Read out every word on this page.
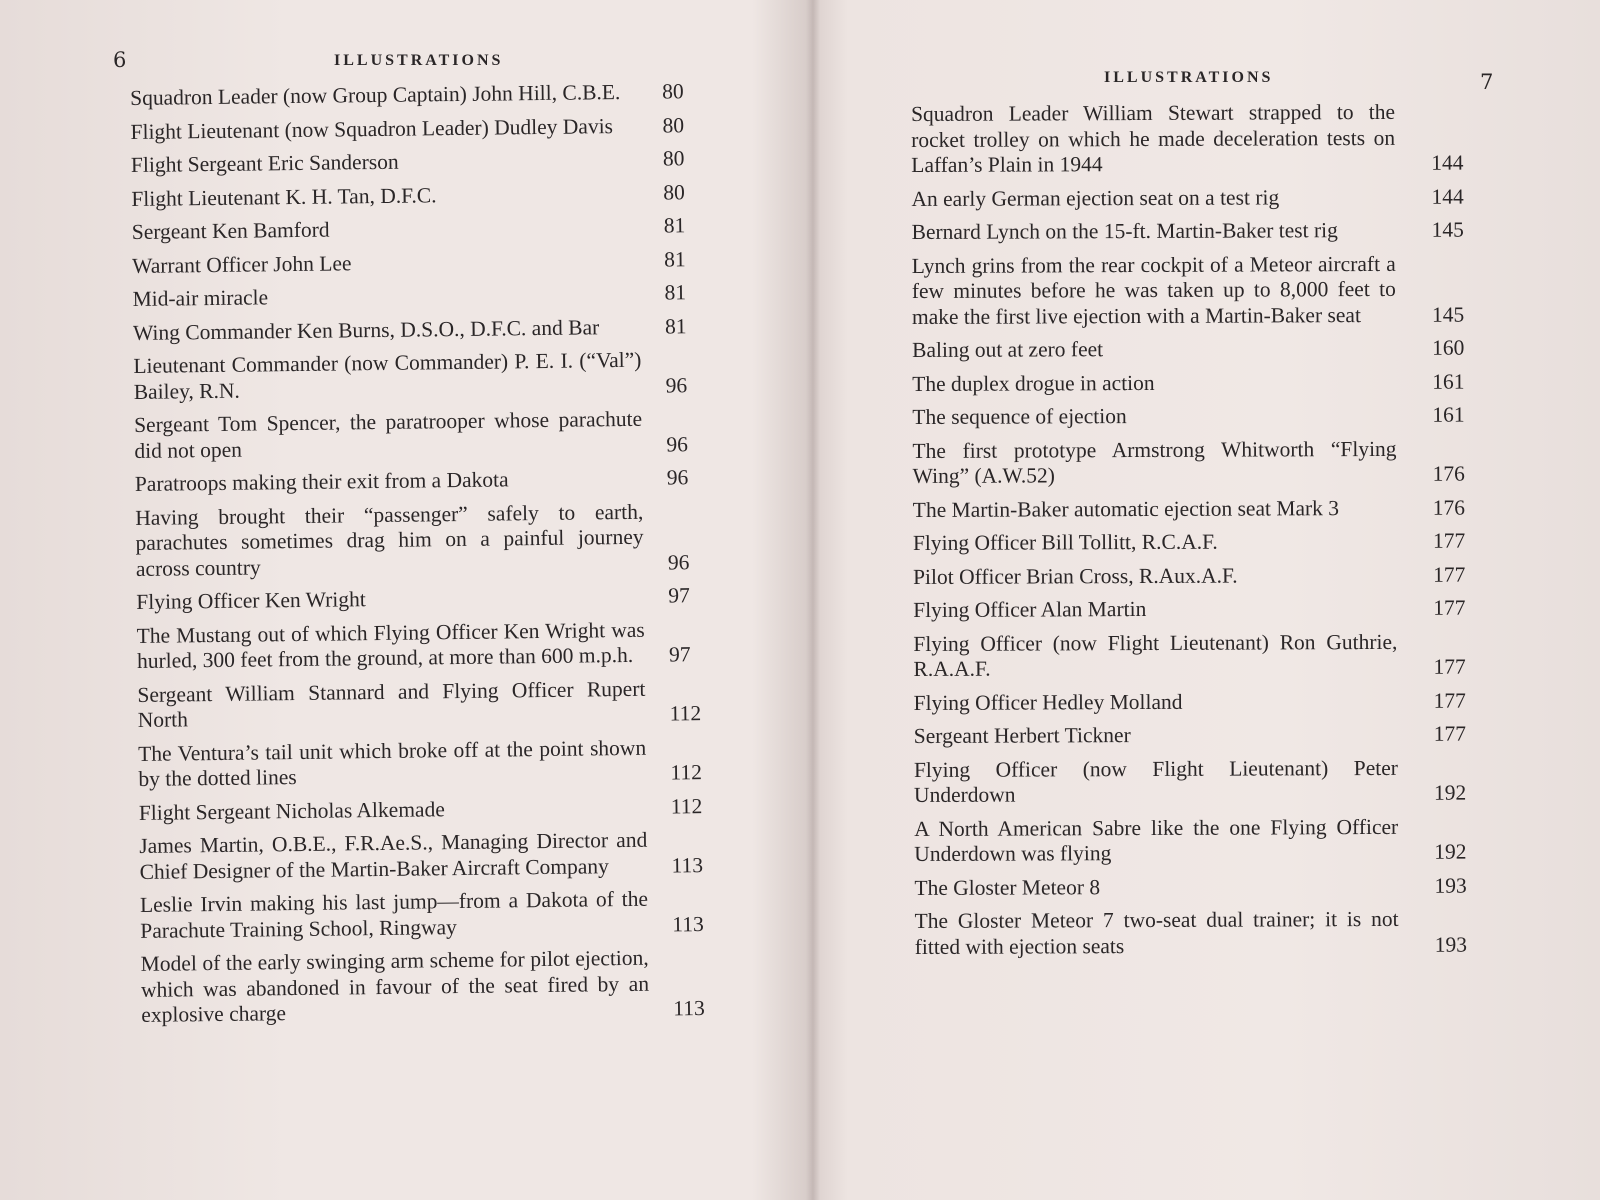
6	ILLUSTRATIONS
Squadron Leader (now Group Captain) John Hill, C.B.E.	80
Flight Lieutenant (now Squadron Leader) Dudley Davis	80
Flight Sergeant Eric Sanderson	80
Flight Lieutenant K. H. Tan, D.F.C.	80
Sergeant Ken Bamford	81
Warrant Officer John Lee	81
Mid-air miracle	81
Wing Commander Ken Burns, D.S.O., D.F.C. and Bar	81
Lieutenant Commander (now Commander) P. E. I. (“Val”) Bailey, R.N.	96
Sergeant Tom Spencer, the paratrooper whose parachute did not open	96
Paratroops making their exit from a Dakota	96
Having brought their “passenger” safely to earth, parachutes sometimes drag him on a painful journey across country	96
Flying Officer Ken Wright	97
The Mustang out of which Flying Officer Ken Wright was hurled, 300 feet from the ground, at more than 600 m.p.h.	97
Sergeant William Stannard and Flying Officer Rupert North	112
The Ventura’s tail unit which broke off at the point shown by the dotted lines	112
Flight Sergeant Nicholas Alkemade	112
James Martin, O.B.E., F.R.Ae.S., Managing Director and Chief Designer of the Martin-Baker Aircraft Company	113
Leslie Irvin making his last jump—from a Dakota of the Parachute Training School, Ringway	113
Model of the early swinging arm scheme for pilot ejection, which was abandoned in favour of the seat fired by an explosive charge	113
7
ILLUSTRATIONS
Squadron Leader William Stewart strapped to the rocket trolley on which he made deceleration tests on Laffan’s Plain in 1944	144
An early German ejection seat on a test rig	144
Bernard Lynch on the 15-ft. Martin-Baker test rig	145
Lynch grins from the rear cockpit of a Meteor aircraft a few minutes before he was taken up to 8,000 feet to make the first live ejection with a Martin-Baker seat	145
Baling out at zero feet	160
The duplex drogue in action	161
The sequence of ejection	161
The first prototype Armstrong Whitworth “Flying Wing” (A.W.52)	176
The Martin-Baker automatic ejection seat Mark 3	176
Flying Officer Bill Tollitt, R.C.A.F.	177
Pilot Officer Brian Cross, R.Aux.A.F.	177
Flying Officer Alan Martin	177
Flying Officer (now Flight Lieutenant) Ron Guthrie, R.A.A.F.	177
Flying Officer Hedley Molland	177
Sergeant Herbert Tickner	177
Flying Officer (now Flight Lieutenant) Peter Underdown	192
A North American Sabre like the one Flying Officer Underdown was flying	192
The Gloster Meteor 8	193
The Gloster Meteor 7 two-seat dual trainer; it is not fitted with ejection seats	193
